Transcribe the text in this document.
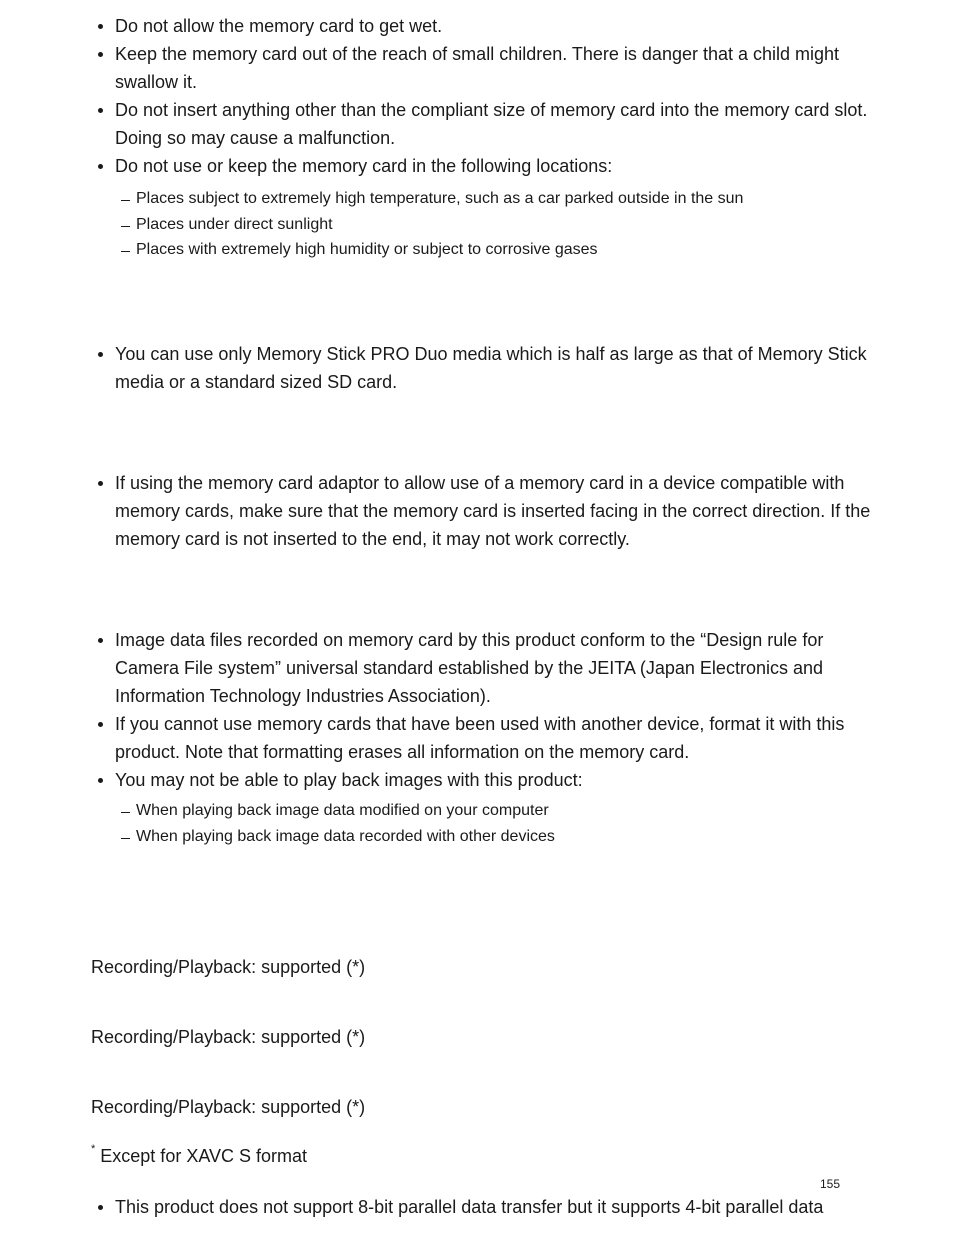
Do not allow the memory card to get wet.
Keep the memory card out of the reach of small children. There is danger that a child might swallow it.
Do not insert anything other than the compliant size of memory card into the memory card slot. Doing so may cause a malfunction.
Do not use or keep the memory card in the following locations:
Places subject to extremely high temperature, such as a car parked outside in the sun
Places under direct sunlight
Places with extremely high humidity or subject to corrosive gases
You can use only Memory Stick PRO Duo media which is half as large as that of Memory Stick media or a standard sized SD card.
If using the memory card adaptor to allow use of a memory card in a device compatible with memory cards, make sure that the memory card is inserted facing in the correct direction. If the memory card is not inserted to the end, it may not work correctly.
Image data files recorded on memory card by this product conform to the “Design rule for Camera File system” universal standard established by the JEITA (Japan Electronics and Information Technology Industries Association).
If you cannot use memory cards that have been used with another device, format it with this product. Note that formatting erases all information on the memory card.
You may not be able to play back images with this product:
When playing back image data modified on your computer
When playing back image data recorded with other devices
Recording/Playback: supported (*)
Recording/Playback: supported (*)
Recording/Playback: supported (*)
* Except for XAVC S format
155
This product does not support 8-bit parallel data transfer but it supports 4-bit parallel data
